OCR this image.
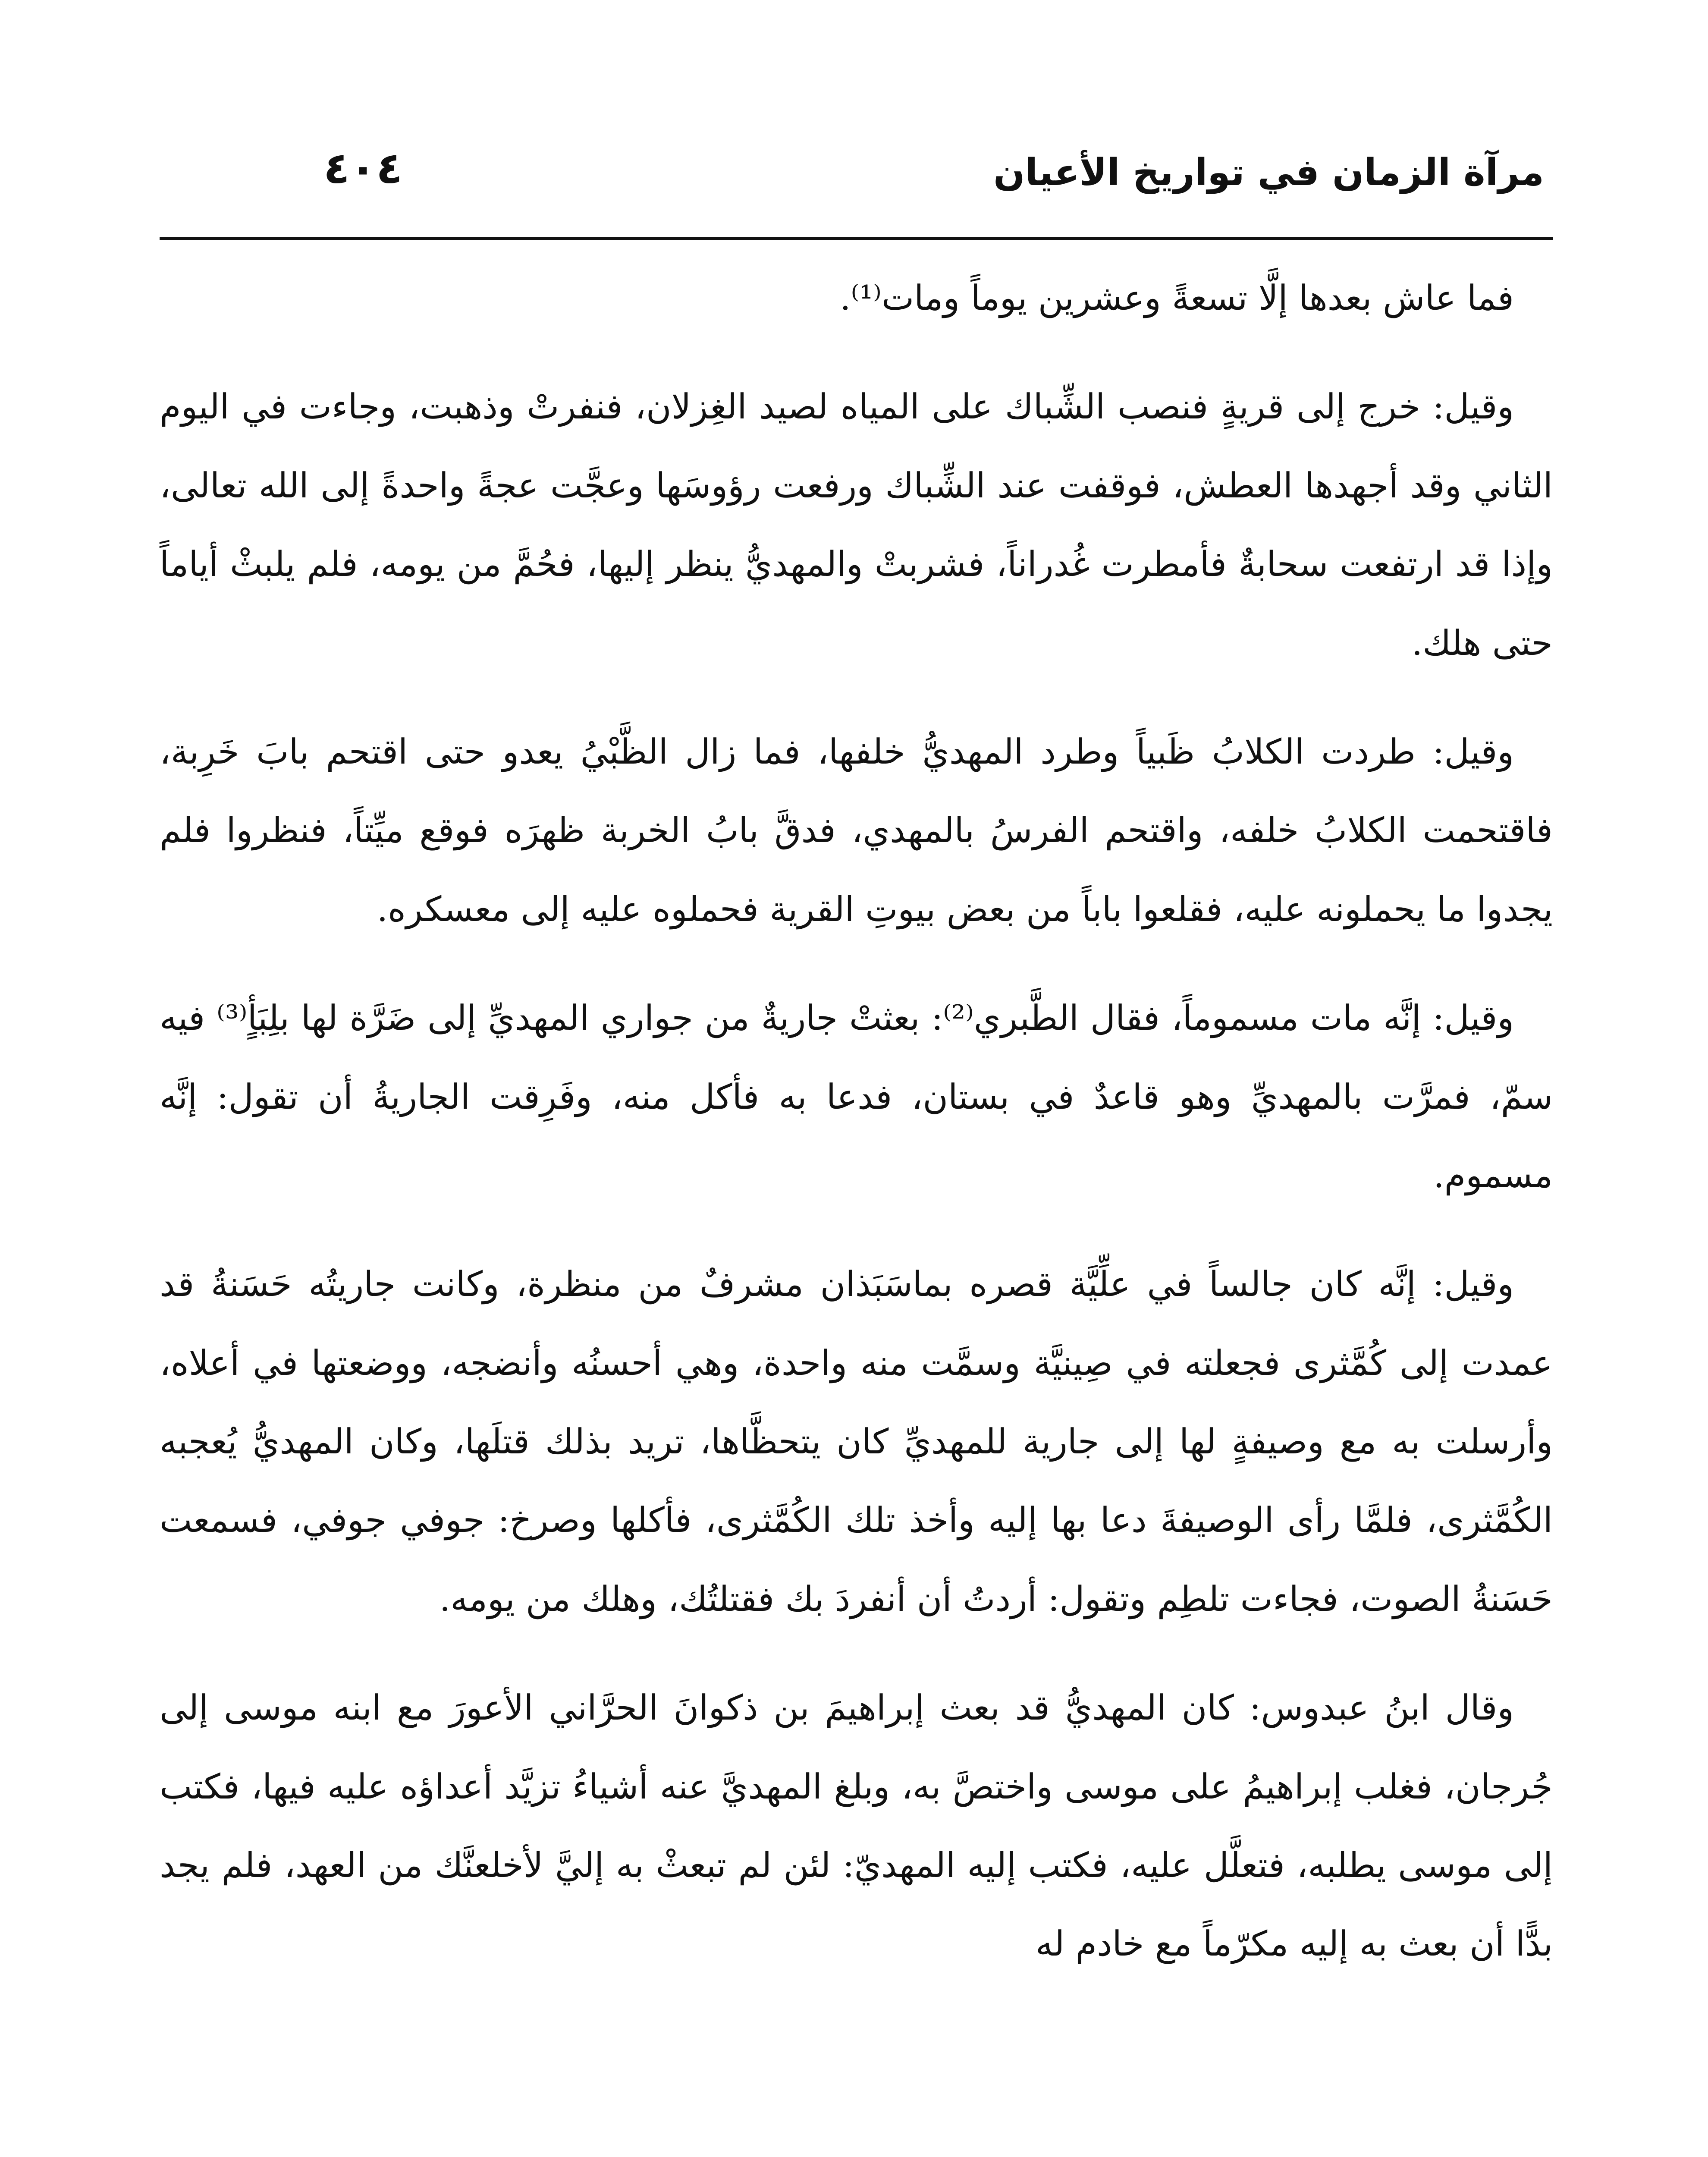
مرآة الزمان في تواريخ الأعيان
٤٠٤

فما عاش بعدها إلَّا تسعةً وعشرين يوماً ومات⁽¹⁾.

وقيل: خرج إلى قريةٍ فنصب الشِّباك على المياه لصيد الغِزلان، فنفرتْ وذهبت، وجاءت في اليوم الثاني وقد أجهدها العطش، فوقفت عند الشِّباك ورفعت رؤوسَها وعجَّت عجةً واحدةً إلى الله تعالى، وإذا قد ارتفعت سحابةٌ فأمطرت غُدراناً، فشربتْ والمهديُّ ينظر إليها، فحُمَّ من يومه، فلم يلبثْ أياماً حتى هلك.

وقيل: طردت الكلابُ ظَبياً وطرد المهديُّ خلفها، فما زال الظَّبْيُ يعدو حتى اقتحم بابَ خَرِبة، فاقتحمت الكلابُ خلفه، واقتحم الفرسُ بالمهدي، فدقَّ بابُ الخربة ظهرَه فوقع ميِّتاً، فنظروا فلم يجدوا ما يحملونه عليه، فقلعوا باباً من بعض بيوتِ القرية فحملوه عليه إلى معسكره.

وقيل: إنَّه مات مسموماً، فقال الطَّبري⁽²⁾: بعثتْ جاريةٌ من جواري المهديِّ إلى ضَرَّة لها بلِبَأٍ⁽³⁾ فيه سمّ، فمرَّت بالمهديِّ وهو قاعدٌ في بستان، فدعا به فأكل منه، وفَرِقت الجاريةُ أن تقول: إنَّه مسموم.

وقيل: إنَّه كان جالساً في علِّيَّة قصره بماسَبَذان مشرفٌ من منظرة، وكانت جاريتُه حَسَنةُ قد عمدت إلى كُمَّثرى فجعلته في صِينيَّة وسمَّت منه واحدة، وهي أحسنُه وأنضجه، ووضعتها في أعلاه، وأرسلت به مع وصيفةٍ لها إلى جارية للمهديِّ كان يتحظَّاها، تريد بذلك قتلَها، وكان المهديُّ يُعجبه الكُمَّثرى، فلمَّا رأى الوصيفةَ دعا بها إليه وأخذ تلك الكُمَّثرى، فأكلها وصرخ: جوفي جوفي، فسمعت حَسَنةُ الصوت، فجاءت تلطِم وتقول: أردتُ أن أنفردَ بك فقتلتُك، وهلك من يومه.

وقال ابنُ عبدوس: كان المهديُّ قد بعث إبراهيمَ بن ذكوانَ الحرَّاني الأعورَ مع ابنه موسى إلى جُرجان، فغلب إبراهيمُ على موسى واختصَّ به، وبلغ المهديَّ عنه أشياءُ تزيَّد أعداؤه عليه فيها، فكتب إلى موسى يطلبه، فتعلَّل عليه، فكتب إليه المهديّ: لئن لم تبعثْ به إليَّ لأخلعنَّك من العهد، فلم يجد بدًّا أن بعث به إليه مكرّماً مع خادم له
